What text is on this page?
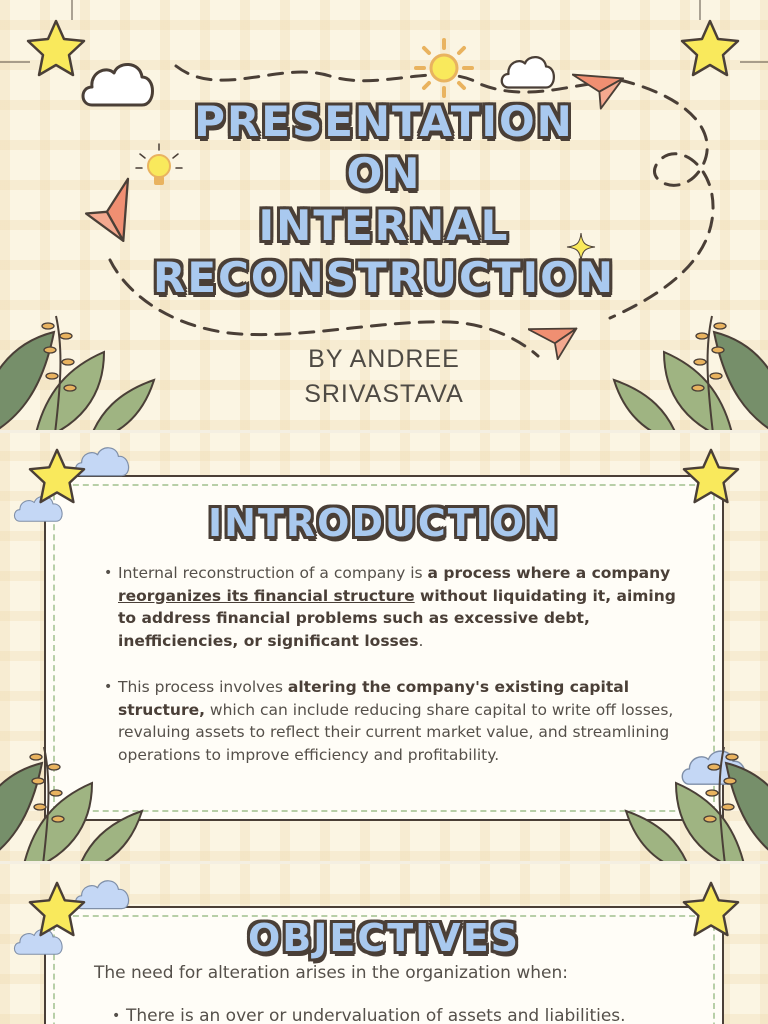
PRESENTATION
ON
INTERNAL
RECONSTRUCTION
BY ANDREE
SRIVASTAVA
INTRODUCTION
• Internal reconstruction of a company is a process where a company reorganizes its financial structure without liquidating it, aiming to address financial problems such as excessive debt, inefficiencies, or significant losses.
• This process involves altering the company's existing capital structure, which can include reducing share capital to write off losses, revaluing assets to reflect their current market value, and streamlining operations to improve efficiency and profitability.
OBJECTIVES
The need for alteration arises in the organization when:
• There is an over or undervaluation of assets and liabilities.
